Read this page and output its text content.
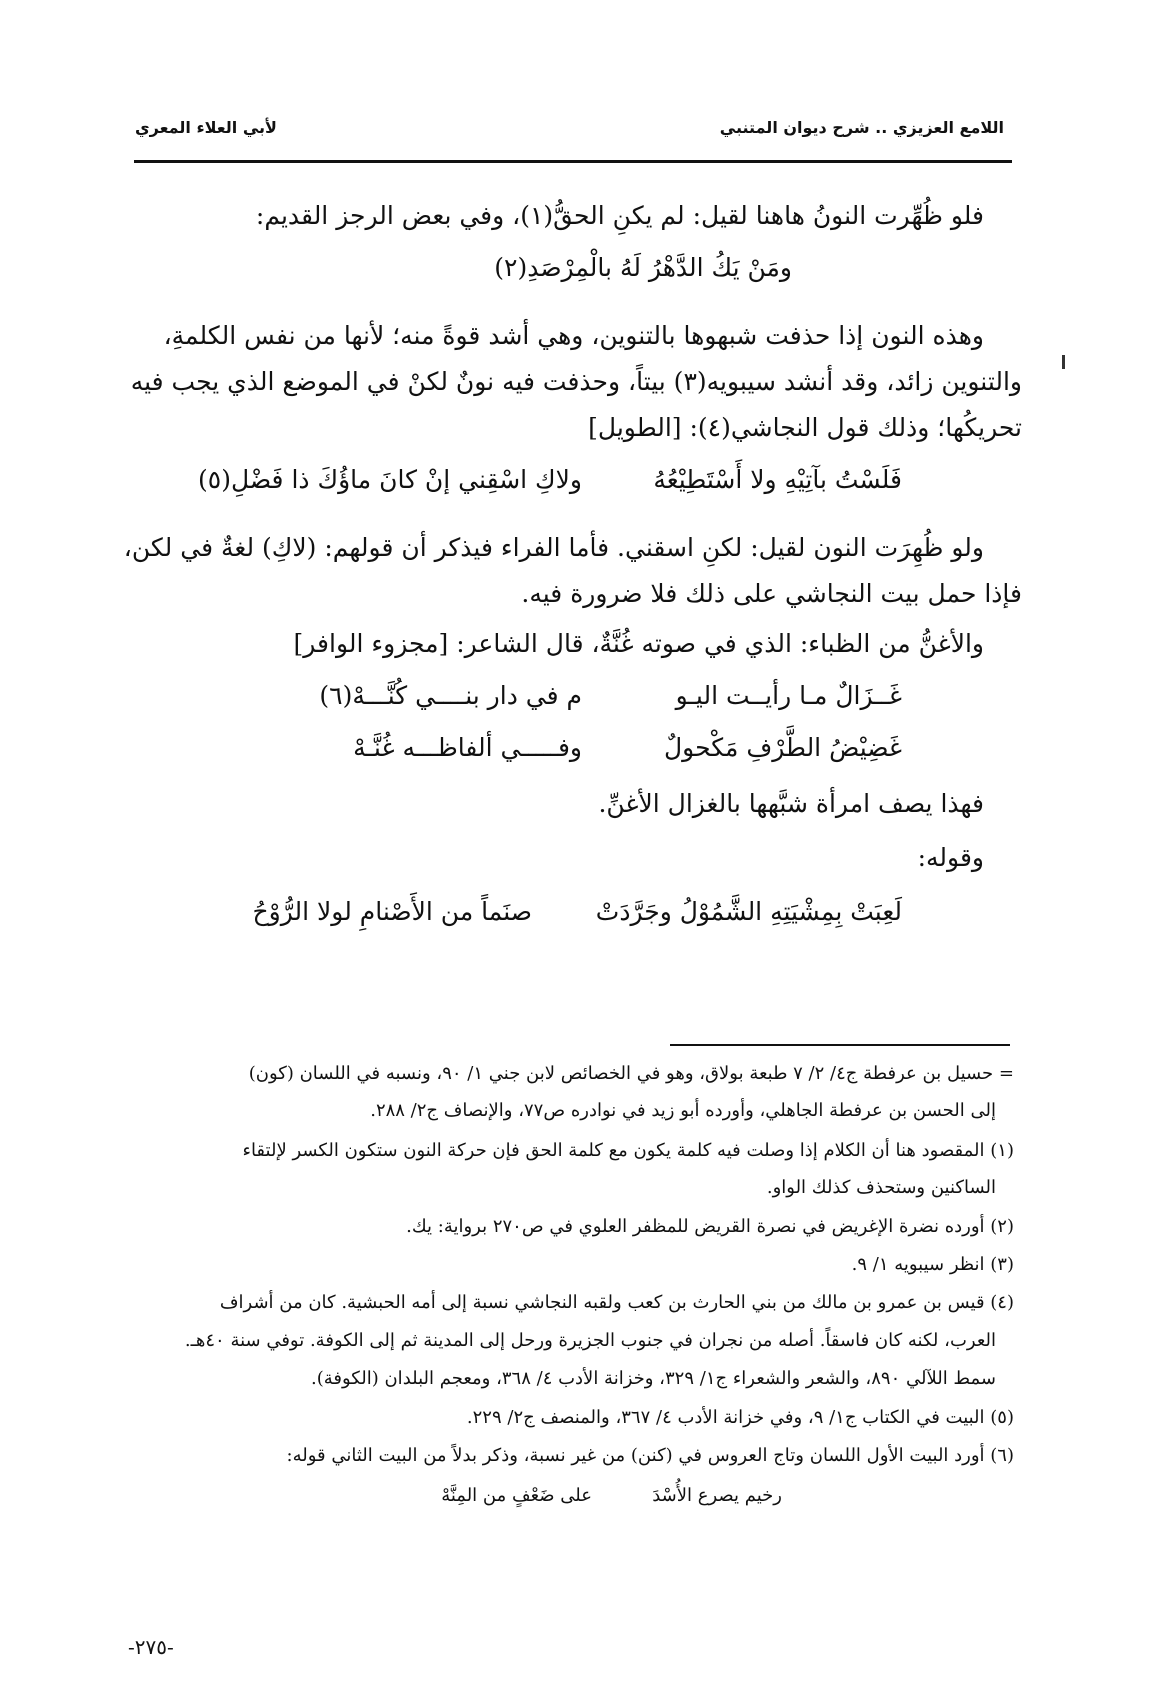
اللامع العزيزي .. شرح ديوان المتنبي
لأبي العلاء المعري
فلو ظُهِّرت النونُ هاهنا لقيل: لم يكنِ الحقُّ(١)، وفي بعض الرجز القديم:
ومَنْ يَكُ الدَّهْرُ لَهُ بالْمِرْصَدِ(٢)
وهذه النون إذا حذفت شبهوها بالتنوين، وهي أشد قوةً منه؛ لأنها من نفس الكلمةِ،
والتنوين زائد، وقد أنشد سيبويه(٣) بيتاً، وحذفت فيه نونٌ لكنْ في الموضع الذي يجب فيه
تحريكُها؛ وذلك قول النجاشي(٤): [الطويل]
فَلَسْتُ بآتِيْهِ ولا أَسْتَطِيْعُهُ
ولاكِ اسْقِني إنْ كانَ ماؤُكَ ذا فَضْلِ(٥)
ولو ظُهِرَت النون لقيل: لكنِ اسقني. فأما الفراء فيذكر أن قولهم: (لاكِ) لغةٌ في لكن،
فإذا حمل بيت النجاشي على ذلك فلا ضرورة فيه.
والأغنُّ من الظباء: الذي في صوته غُنَّةٌ، قال الشاعر: [مجزوء الوافر]
غَــزَالٌ مـا رأيــت اليـو
م في دار بنــــي كُنَّـــهْ(٦)
غَضِيْضُ الطَّرْفِ مَكْحولٌ
وفـــــي ألفاظـــه غُنَّـهْ
فهذا يصف امرأة شبَّهها بالغزال الأغنِّ.
وقوله:
لَعِبَتْ بِمِشْيَتِهِ الشَّمُوْلُ وجَرَّدَتْ
صنَماً من الأَصْنامِ لولا الرُّوْحُ
= حسيل بن عرفطة ج٤/ ٢/ ٧ طبعة بولاق، وهو في الخصائص لابن جني ١/ ٩٠، ونسبه في اللسان (كون)
إلى الحسن بن عرفطة الجاهلي، وأورده أبو زيد في نوادره ص٧٧، والإنصاف ج٢/ ٢٨٨.
(١) المقصود هنا أن الكلام إذا وصلت فيه كلمة يكون مع كلمة الحق فإن حركة النون ستكون الكسر لإلتقاء
الساكنين وستحذف كذلك الواو.
(٢) أورده نضرة الإغريض في نصرة القريض للمظفر العلوي في ص٢٧٠ برواية: يك.
(٣) انظر سيبويه ١/ ٩.
(٤) قيس بن عمرو بن مالك من بني الحارث بن كعب ولقبه النجاشي نسبة إلى أمه الحبشية. كان من أشراف
العرب، لكنه كان فاسقاً. أصله من نجران في جنوب الجزيرة ورحل إلى المدينة ثم إلى الكوفة. توفي سنة ٤٠هـ.
سمط اللآلي ٨٩٠، والشعر والشعراء ج١/ ٣٢٩، وخزانة الأدب ٤/ ٣٦٨، ومعجم البلدان (الكوفة).
(٥) البيت في الكتاب ج١/ ٩، وفي خزانة الأدب ٤/ ٣٦٧، والمنصف ج٢/ ٢٢٩.
(٦) أورد البيت الأول اللسان وتاج العروس في (كنن) من غير نسبة، وذكر بدلاً من البيت الثاني قوله:
رخيم يصرع الأُسْدَ
على ضَعْفٍ من المِنَّهْ
-٢٧٥-
